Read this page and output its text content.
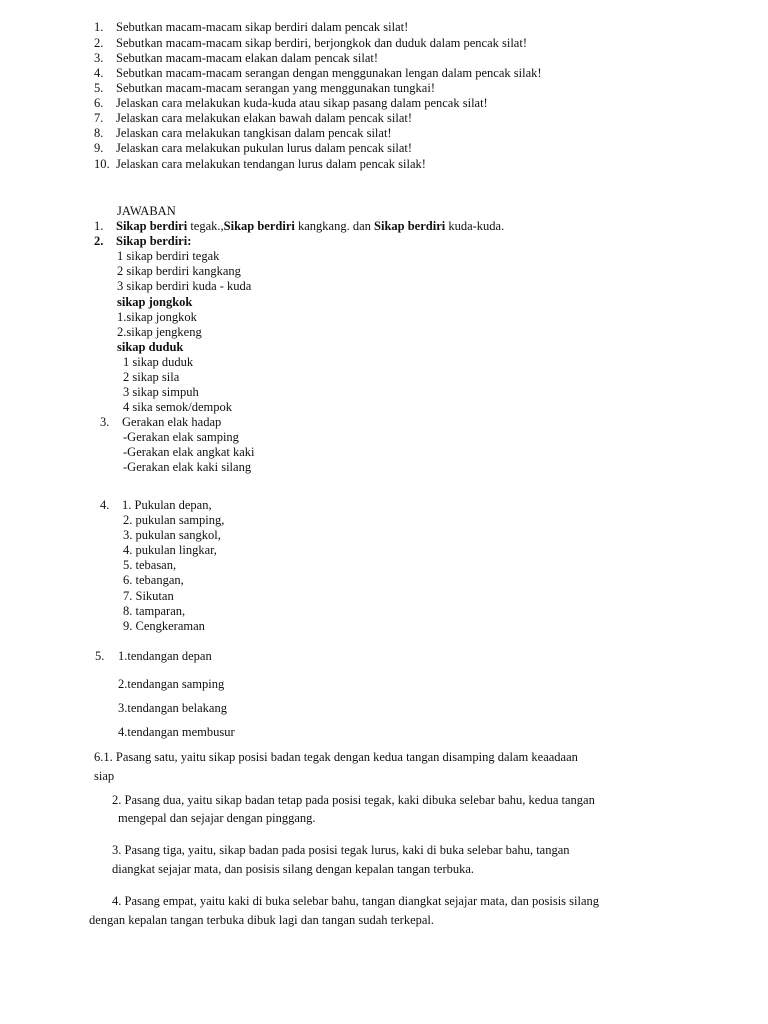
1. Sebutkan macam-macam sikap berdiri dalam pencak silat!
2. Sebutkan macam-macam sikap berdiri, berjongkok dan duduk dalam pencak silat!
3. Sebutkan macam-macam elakan dalam pencak silat!
4. Sebutkan macam-macam serangan dengan menggunakan lengan dalam pencak silak!
5. Sebutkan macam-macam serangan yang menggunakan tungkai!
6. Jelaskan cara melakukan kuda-kuda atau sikap pasang dalam pencak silat!
7. Jelaskan cara melakukan elakan bawah dalam pencak silat!
8. Jelaskan cara melakukan tangkisan dalam pencak silat!
9. Jelaskan cara melakukan pukulan lurus dalam pencak silat!
10. Jelaskan cara melakukan tendangan lurus dalam pencak silak!
JAWABAN
1. Sikap berdiri tegak.,Sikap berdiri kangkang. dan Sikap berdiri kuda-kuda.
2. Sikap berdiri:
1 sikap berdiri tegak
2 sikap berdiri kangkang
3 sikap berdiri kuda - kuda
sikap jongkok
1.sikap jongkok
2.sikap jengkeng
sikap duduk
1 sikap duduk
2 sikap sila
3 sikap simpuh
4 sika semok/dempok
3. Gerakan elak hadap
-Gerakan elak samping
-Gerakan elak angkat kaki
-Gerakan elak kaki silang
4. 1. Pukulan depan,
2. pukulan samping,
3. pukulan sangkol,
4. pukulan lingkar,
5. tebasan,
6. tebangan,
7. Sikutan
8. tamparan,
9. Cengkeraman
5. 1.tendangan depan
2.tendangan samping
3.tendangan belakang
4.tendangan membusur
6.1. Pasang satu, yaitu sikap posisi badan tegak dengan kedua tangan disamping dalam keaadaan
siap
2. Pasang dua, yaitu sikap badan tetap pada posisi tegak, kaki dibuka selebar bahu, kedua tangan
mengepal dan sejajar dengan pinggang.
3. Pasang tiga, yaitu, sikap badan pada posisi tegak lurus, kaki di buka selebar bahu, tangan
diangkat sejajar mata, dan posisis silang dengan kepalan tangan terbuka.
4. Pasang empat, yaitu kaki di buka selebar bahu, tangan diangkat sejajar mata, dan posisis silang
dengan kepalan tangan terbuka dibuk lagi dan tangan sudah terkepal.
